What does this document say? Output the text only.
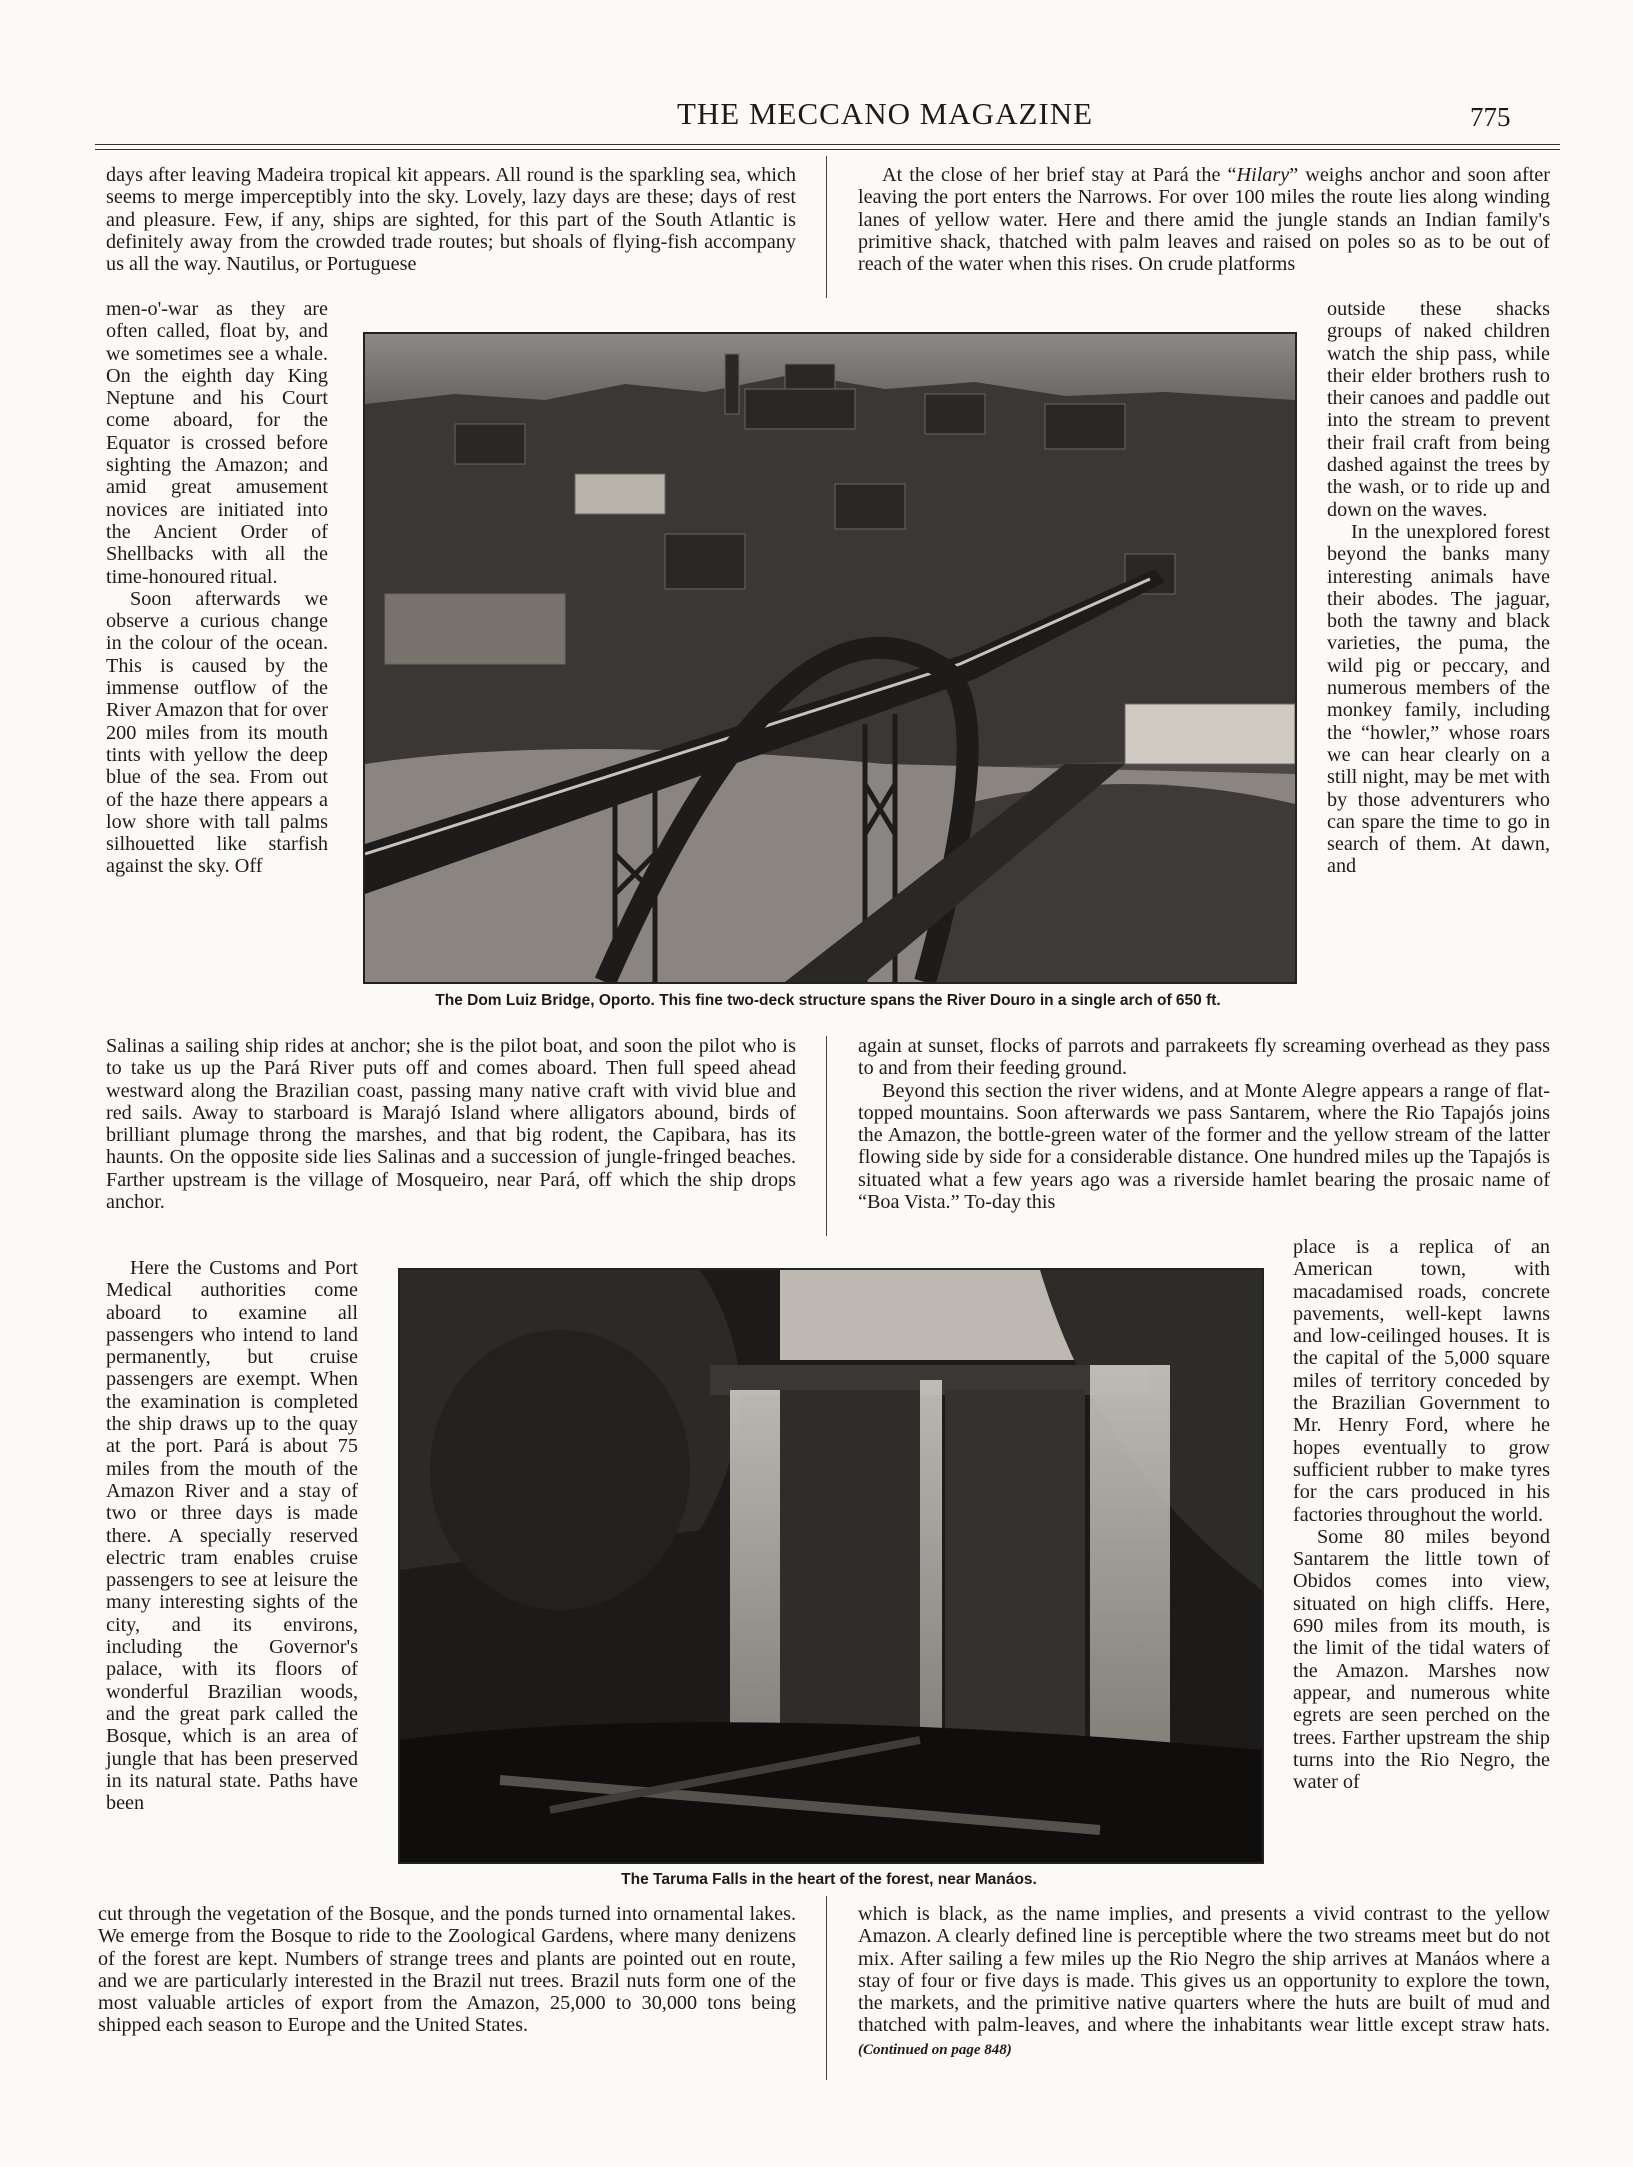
THE MECCANO MAGAZINE	775
The Dom Luiz Bridge, Oporto. This fine two-deck structure spans the River Douro in a single arch of 650 ft.
The Taruma Falls in the heart of the forest, near Manáos.

days after leaving Madeira tropical kit appears. All round is the sparkling sea, which seems to merge imperceptibly into the sky. Lovely, lazy days are these; days of rest and pleasure. Few, if any, ships are sighted, for this part of the South Atlantic is definitely away from the crowded trade routes; but shoals of flying-fish accompany us all the way. Nautilus, or Portuguese

men-o'-war as they are often called, float by, and we sometimes see a whale. On the eighth day King Neptune and his Court come aboard, for the Equator is crossed before sighting the Amazon; and amid great amusement novices are initiated into the Ancient Order of Shellbacks with all the time-honoured ritual.

Soon afterwards we observe a curious change in the colour of the ocean. This is caused by the immense outflow of the River Amazon that for over 200 miles from its mouth tints with yellow the deep blue of the sea. From out of the haze there appears a low shore with tall palms silhouetted like starfish against the sky. Off

Salinas a sailing ship rides at anchor; she is the pilot boat, and soon the pilot who is to take us up the Pará River puts off and comes aboard. Then full speed ahead westward along the Brazilian coast, passing many native craft with vivid blue and red sails. Away to starboard is Marajó Island where alligators abound, birds of brilliant plumage throng the marshes, and that big rodent, the Capibara, has its haunts. On the opposite side lies Salinas and a succession of jungle-fringed beaches. Farther upstream is the village of Mosqueiro, near Pará, off which the ship drops anchor.

Here the Customs and Port Medical authorities come aboard to examine all passengers who intend to land permanently, but cruise passengers are exempt. When the examination is completed the ship draws up to the quay at the port. Pará is about 75 miles from the mouth of the Amazon River and a stay of two or three days is made there. A specially reserved electric tram enables cruise passengers to see at leisure the many interesting sights of the city, and its environs, including the Governor's palace, with its floors of wonderful Brazilian woods, and the great park called the Bosque, which is an area of jungle that has been preserved in its natural state. Paths have been

cut through the vegetation of the Bosque, and the ponds turned into ornamental lakes. We emerge from the Bosque to ride to the Zoological Gardens, where many denizens of the forest are kept. Numbers of strange trees and plants are pointed out en route, and we are particularly interested in the Brazil nut trees. Brazil nuts form one of the most valuable articles of export from the Amazon, 25,000 to 30,000 tons being shipped each season to Europe and the United States.

At the close of her brief stay at Pará the “Hilary” weighs anchor and soon after leaving the port enters the Narrows. For over 100 miles the route lies along winding lanes of yellow water. Here and there amid the jungle stands an Indian family's primitive shack, thatched with palm leaves and raised on poles so as to be out of reach of the water when this rises. On crude platforms

outside these shacks groups of naked children watch the ship pass, while their elder brothers rush to their canoes and paddle out into the stream to prevent their frail craft from being dashed against the trees by the wash, or to ride up and down on the waves.

In the unexplored forest beyond the banks many interesting animals have their abodes. The jaguar, both the tawny and black varieties, the puma, the wild pig or peccary, and numerous members of the monkey family, including the “howler,” whose roars we can hear clearly on a still night, may be met with by those adventurers who can spare the time to go in search of them. At dawn, and

again at sunset, flocks of parrots and parrakeets fly screaming overhead as they pass to and from their feeding ground.

Beyond this section the river widens, and at Monte Alegre appears a range of flat-topped mountains. Soon afterwards we pass Santarem, where the Rio Tapajós joins the Amazon, the bottle-green water of the former and the yellow stream of the latter flowing side by side for a considerable distance. One hundred miles up the Tapajós is situated what a few years ago was a riverside hamlet bearing the prosaic name of “Boa Vista.” To-day this

place is a replica of an American town, with macadamised roads, concrete pavements, well-kept lawns and low-ceilinged houses. It is the capital of the 5,000 square miles of territory conceded by the Brazilian Government to Mr. Henry Ford, where he hopes eventually to grow sufficient rubber to make tyres for the cars produced in his factories throughout the world.

Some 80 miles beyond Santarem the little town of Obidos comes into view, situated on high cliffs. Here, 690 miles from its mouth, is the limit of the tidal waters of the Amazon. Marshes now appear, and numerous white egrets are seen perched on the trees. Farther upstream the ship turns into the Rio Negro, the water of

which is black, as the name implies, and presents a vivid contrast to the yellow Amazon. A clearly defined line is perceptible where the two streams meet but do not mix. After sailing a few miles up the Rio Negro the ship arrives at Manáos where a stay of four or five days is made. This gives us an opportunity to explore the town, the markets, and the primitive native quarters where the huts are built of mud and thatched with palm-leaves, and where the inhabitants wear little except straw hats. (Continued on page 848)
